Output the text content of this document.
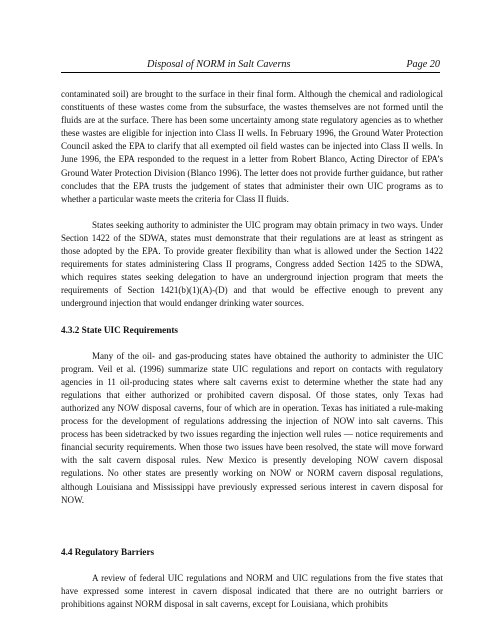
Disposal of NORM in Salt Caverns	Page 20

contaminated soil) are brought to the surface in their final form. Although the chemical and radiological constituents of these wastes come from the subsurface, the wastes themselves are not formed until the fluids are at the surface. There has been some uncertainty among state regulatory agencies as to whether these wastes are eligible for injection into Class II wells. In February 1996, the Ground Water Protection Council asked the EPA to clarify that all exempted oil field wastes can be injected into Class II wells. In June 1996, the EPA responded to the request in a letter from Robert Blanco, Acting Director of EPA’s Ground Water Protection Division (Blanco 1996). The letter does not provide further guidance, but rather concludes that the EPA trusts the judgement of states that administer their own UIC programs as to whether a particular waste meets the criteria for Class II fluids.

States seeking authority to administer the UIC program may obtain primacy in two ways. Under Section 1422 of the SDWA, states must demonstrate that their regulations are at least as stringent as those adopted by the EPA. To provide greater flexibility than what is allowed under the Section 1422 requirements for states administering Class II programs, Congress added Section 1425 to the SDWA, which requires states seeking delegation to have an underground injection program that meets the requirements of Section 1421(b)(1)(A)-(D) and that would be effective enough to prevent any underground injection that would endanger drinking water sources.

4.3.2 State UIC Requirements

Many of the oil- and gas-producing states have obtained the authority to administer the UIC program. Veil et al. (1996) summarize state UIC regulations and report on contacts with regulatory agencies in 11 oil-producing states where salt caverns exist to determine whether the state had any regulations that either authorized or prohibited cavern disposal. Of those states, only Texas had authorized any NOW disposal caverns, four of which are in operation. Texas has initiated a rule-making process for the development of regulations addressing the injection of NOW into salt caverns. This process has been sidetracked by two issues regarding the injection well rules — notice requirements and financial security requirements. When those two issues have been resolved, the state will move forward with the salt cavern disposal rules. New Mexico is presently developing NOW cavern disposal regulations. No other states are presently working on NOW or NORM cavern disposal regulations, although Louisiana and Mississippi have previously expressed serious interest in cavern disposal for NOW.

4.4 Regulatory Barriers

A review of federal UIC regulations and NORM and UIC regulations from the five states that have expressed some interest in cavern disposal indicated that there are no outright barriers or prohibitions against NORM disposal in salt caverns, except for Louisiana, which prohibits
